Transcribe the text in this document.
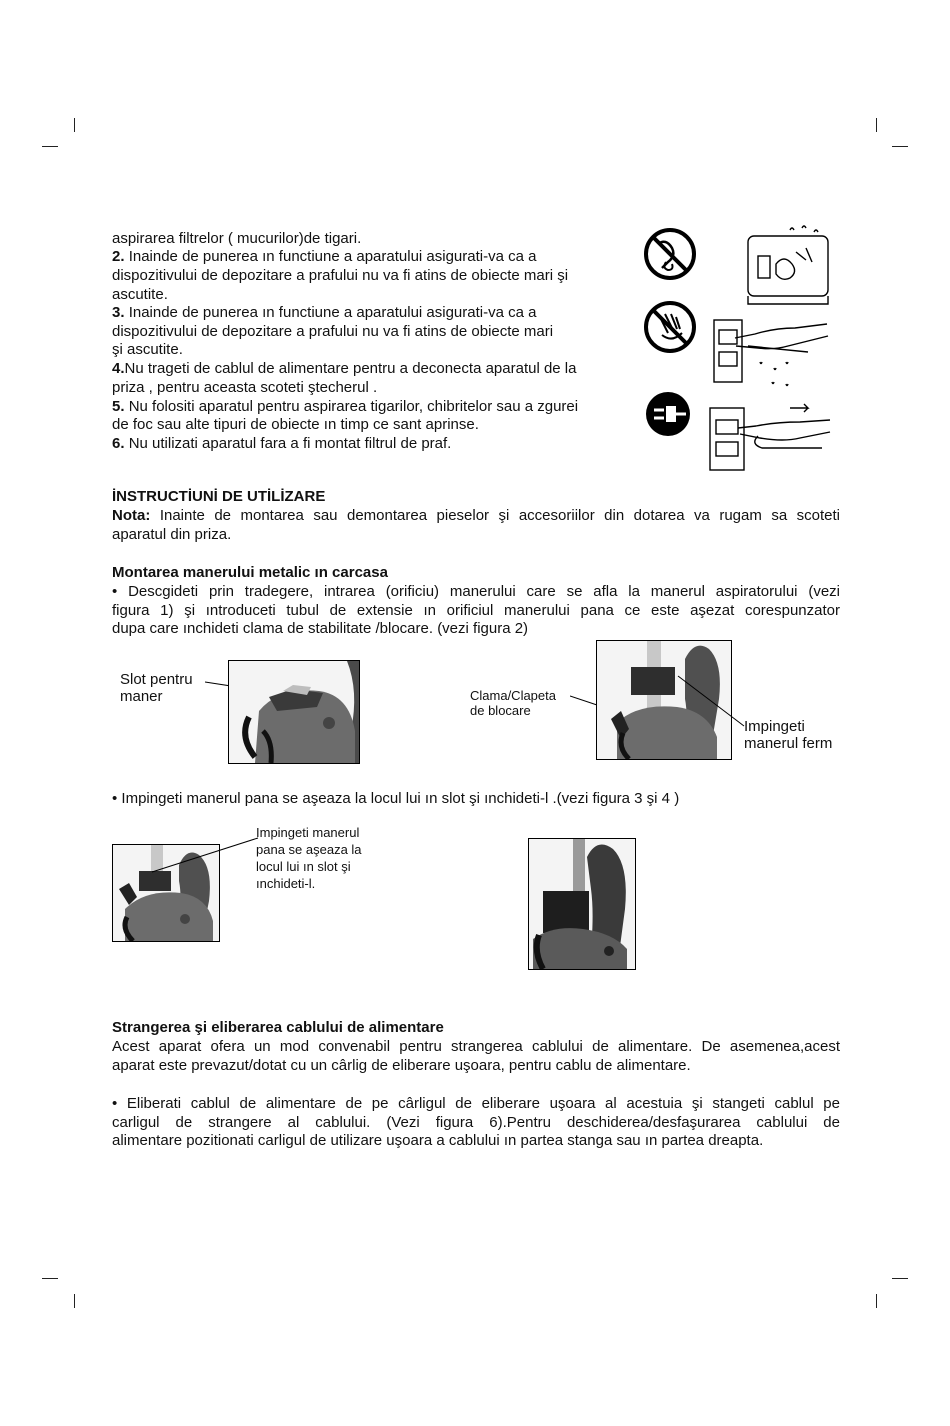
aspirarea filtrelor ( mucurilor)de tigari.
2. Inainde de punerea ın functiune a aparatului asigurati-va ca a
dispozitivului de depozitare a prafului nu va fi atins de obiecte mari şi
ascutite.
3. Inainde de punerea ın functiune a aparatului asigurati-va ca a
dispozitivului de depozitare a prafului nu va fi atins de obiecte mari
şi ascutite.
4.Nu trageti de cablul de alimentare pentru a deconecta aparatul de la
priza , pentru aceasta scoteti ştecherul .
5. Nu folositi aparatul pentru aspirarea tigarilor, chibritelor sau a zgurei
de foc sau alte tipuri de obiecte ın timp ce sant aprinse.
6. Nu utilizati aparatul fara a fi montat filtrul de praf.
İNSTRUCTİUNİ DE UTİLİZARE
Nota: Inainte de montarea sau demontarea pieselor şi accesoriilor din dotarea va rugam sa scoteti
aparatul din priza.
Montarea manerului metalic ın carcasa
• Descgideti prin tradegere, intrarea (orificiu) manerului care se afla la manerul aspiratorului (vezi
figura 1) şi ıntroduceti tubul de extensie ın orificiul manerului pana ce este aşezat corespunzator
dupa care ınchideti clama de stabilitate /blocare. (vezi figura 2)
Slot pentru
maner	Clama/Clapeta
de blocare
Impingeti
manerul ferm
• Impingeti manerul pana se aşeaza la locul lui ın slot şi ınchideti-l .(vezi figura 3 şi 4 )
Impingeti manerul
pana se aşeaza la
locul lui ın slot şi
ınchideti-l.
Strangerea şi eliberarea cablului de alimentare
Acest aparat ofera un mod convenabil pentru strangerea cablului de alimentare. De asemenea,acest
aparat este prevazut/dotat cu un cârlig de eliberare uşoara, pentru cablu de alimentare.
• Eliberati cablul de alimentare de pe cârligul de eliberare uşoara al acestuia şi stangeti cablul pe
carligul de strangere al cablului. (Vezi figura 6).Pentru deschiderea/desfaşurarea cablului de
alimentare pozitionati carligul de utilizare uşoara a cablului ın partea stanga sau ın partea dreapta.
